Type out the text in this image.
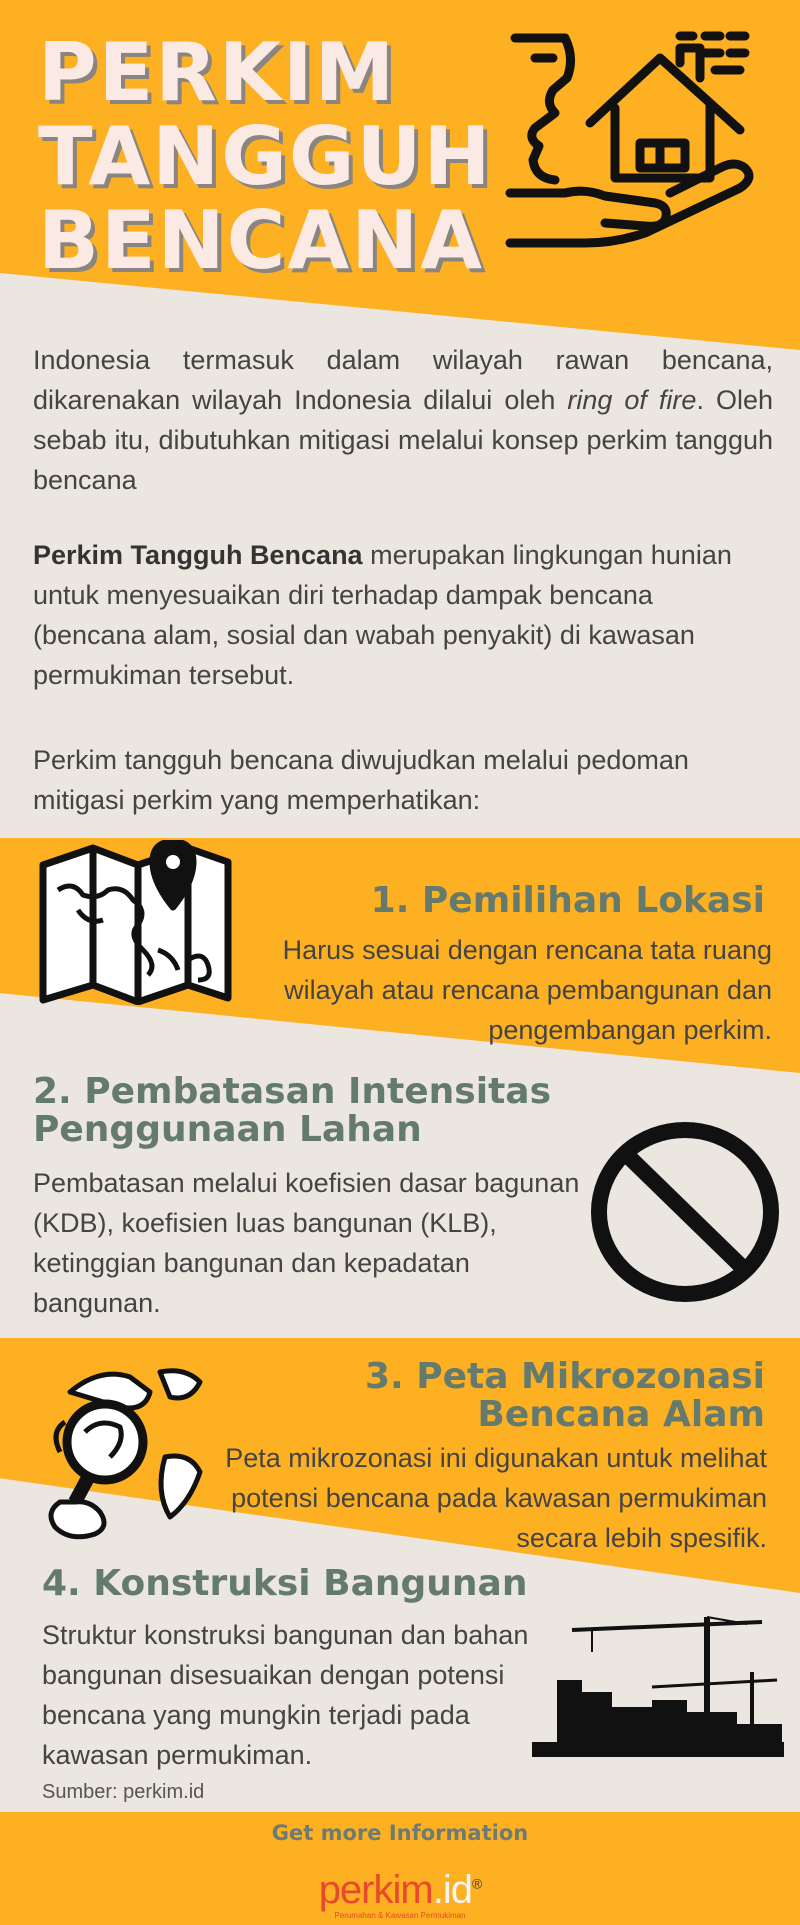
PERKIM
TANGGUH
BENCANA
Indonesia termasuk dalam wilayah rawan bencana, dikarenakan wilayah Indonesia dilalui oleh ring of fire. Oleh sebab itu, dibutuhkan mitigasi melalui konsep perkim tangguh bencana
Perkim Tangguh Bencana merupakan lingkungan hunian untuk menyesuaikan diri terhadap dampak bencana (bencana alam, sosial dan wabah penyakit) di kawasan permukiman tersebut.
Perkim tangguh bencana diwujudkan melalui pedoman mitigasi perkim yang memperhatikan:
1. Pemilihan Lokasi
Harus sesuai dengan rencana tata ruang wilayah atau rencana pembangunan dan pengembangan perkim.
2. Pembatasan Intensitas Penggunaan Lahan
Pembatasan melalui koefisien dasar bagunan (KDB), koefisien luas bangunan (KLB), ketinggian bangunan dan kepadatan bangunan.
3. Peta Mikrozonasi Bencana Alam
Peta mikrozonasi ini digunakan untuk melihat potensi bencana pada kawasan permukiman secara lebih spesifik.
4. Konstruksi Bangunan
Struktur konstruksi bangunan dan bahan bangunan disesuaikan dengan potensi bencana yang mungkin terjadi pada kawasan permukiman.
Sumber: perkim.id
Get more Information
perkim.id®
Perumahan & Kawasan Permukiman
